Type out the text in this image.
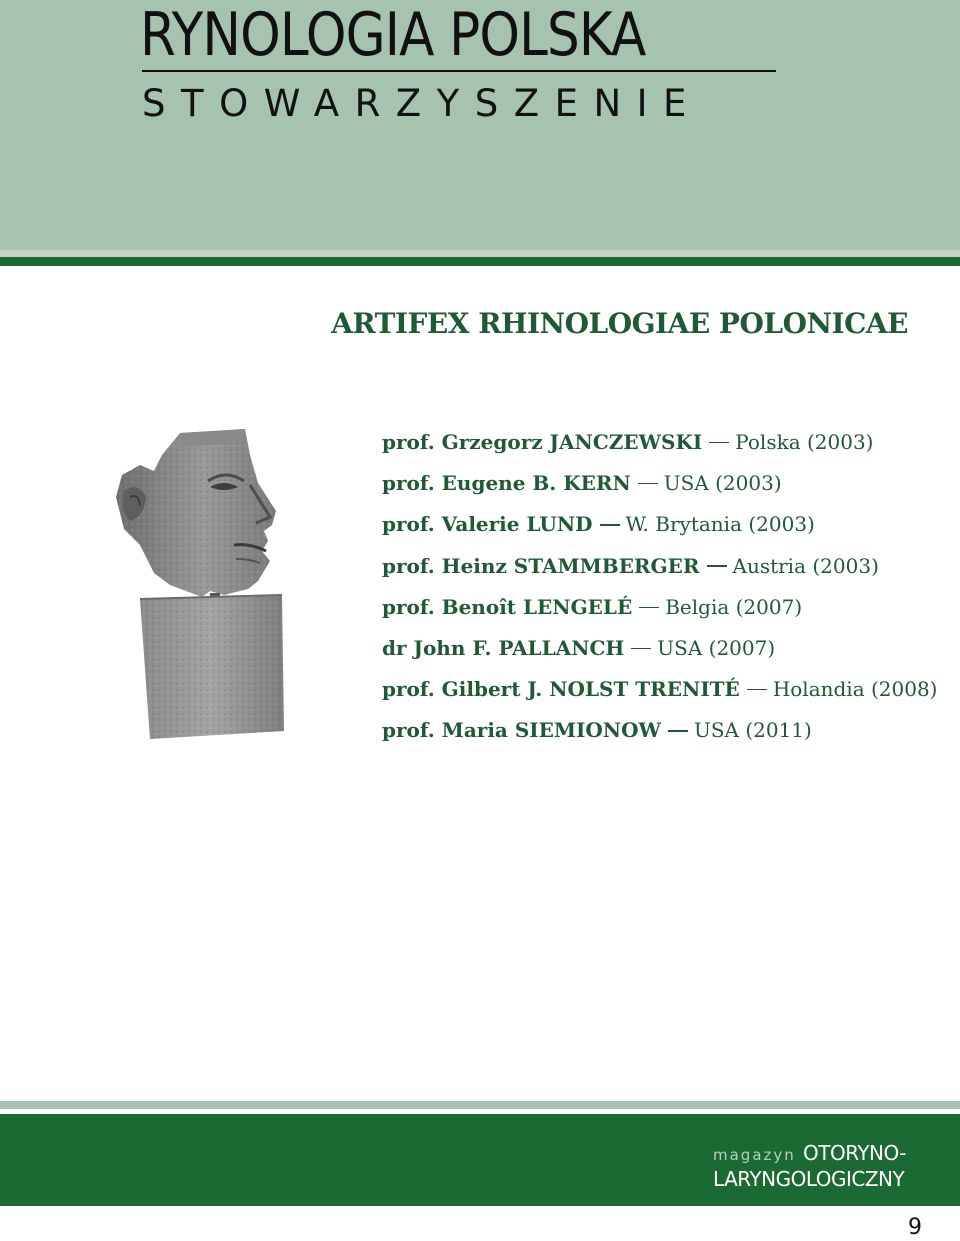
RYNOLOGIA POLSKA
STOWARZYSZENIE
ARTIFEX RHINOLOGIAE POLONICAE
prof. Grzegorz JANCZEWSKI Polska (2003)
prof. Eugene B. KERN USA (2003)
prof. Valerie LUND W. Brytania (2003)
prof. Heinz STAMMBERGER Austria (2003)
prof. Benoît LENGELÉ Belgia (2007)
dr John F. PALLANCH USA (2007)
prof. Gilbert J. NOLST TRENITÉ Holandia (2008)
prof. Maria SIEMIONOW USA (2011)
magazyn OTORYNO-
LARYNGOLOGICZNY
9
